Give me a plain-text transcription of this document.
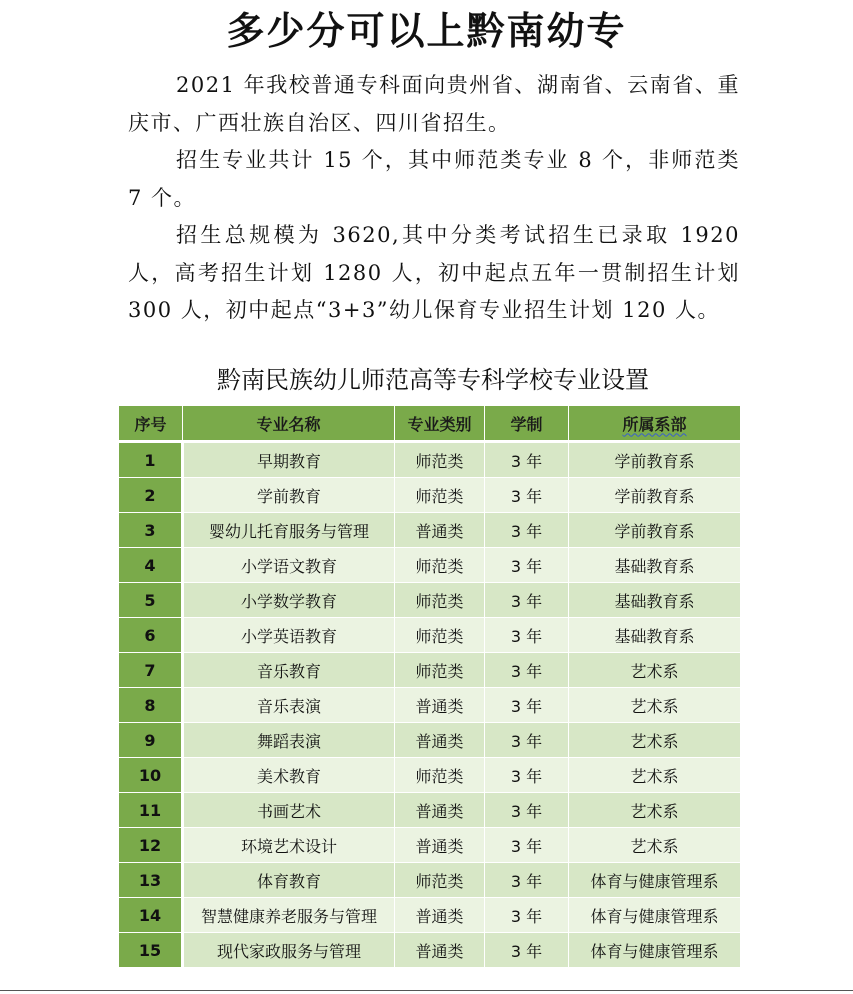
多少分可以上黔南幼专

2021 年我校普通专科面向贵州省、湖南省、云南省、重庆市、广西壮族自治区、四川省招生。

招生专业共计 15 个，其中师范类专业 8 个，非师范类 7 个。

招生总规模为 3620,其中分类考试招生已录取 1920 人，高考招生计划 1280 人，初中起点五年一贯制招生计划 300 人，初中起点“3+3”幼儿保育专业招生计划 120 人。

黔南民族幼儿师范高等专科学校专业设置
序号	专业名称	专业类别	学制	所属系部
1	早期教育	师范类	3 年	学前教育系
2	学前教育	师范类	3 年	学前教育系
3	婴幼儿托育服务与管理	普通类	3 年	学前教育系
4	小学语文教育	师范类	3 年	基础教育系
5	小学数学教育	师范类	3 年	基础教育系
6	小学英语教育	师范类	3 年	基础教育系
7	音乐教育	师范类	3 年	艺术系
8	音乐表演	普通类	3 年	艺术系
9	舞蹈表演	普通类	3 年	艺术系
10	美术教育	师范类	3 年	艺术系
11	书画艺术	普通类	3 年	艺术系
12	环境艺术设计	普通类	3 年	艺术系
13	体育教育	师范类	3 年	体育与健康管理系
14	智慧健康养老服务与管理	普通类	3 年	体育与健康管理系
15	现代家政服务与管理	普通类	3 年	体育与健康管理系
